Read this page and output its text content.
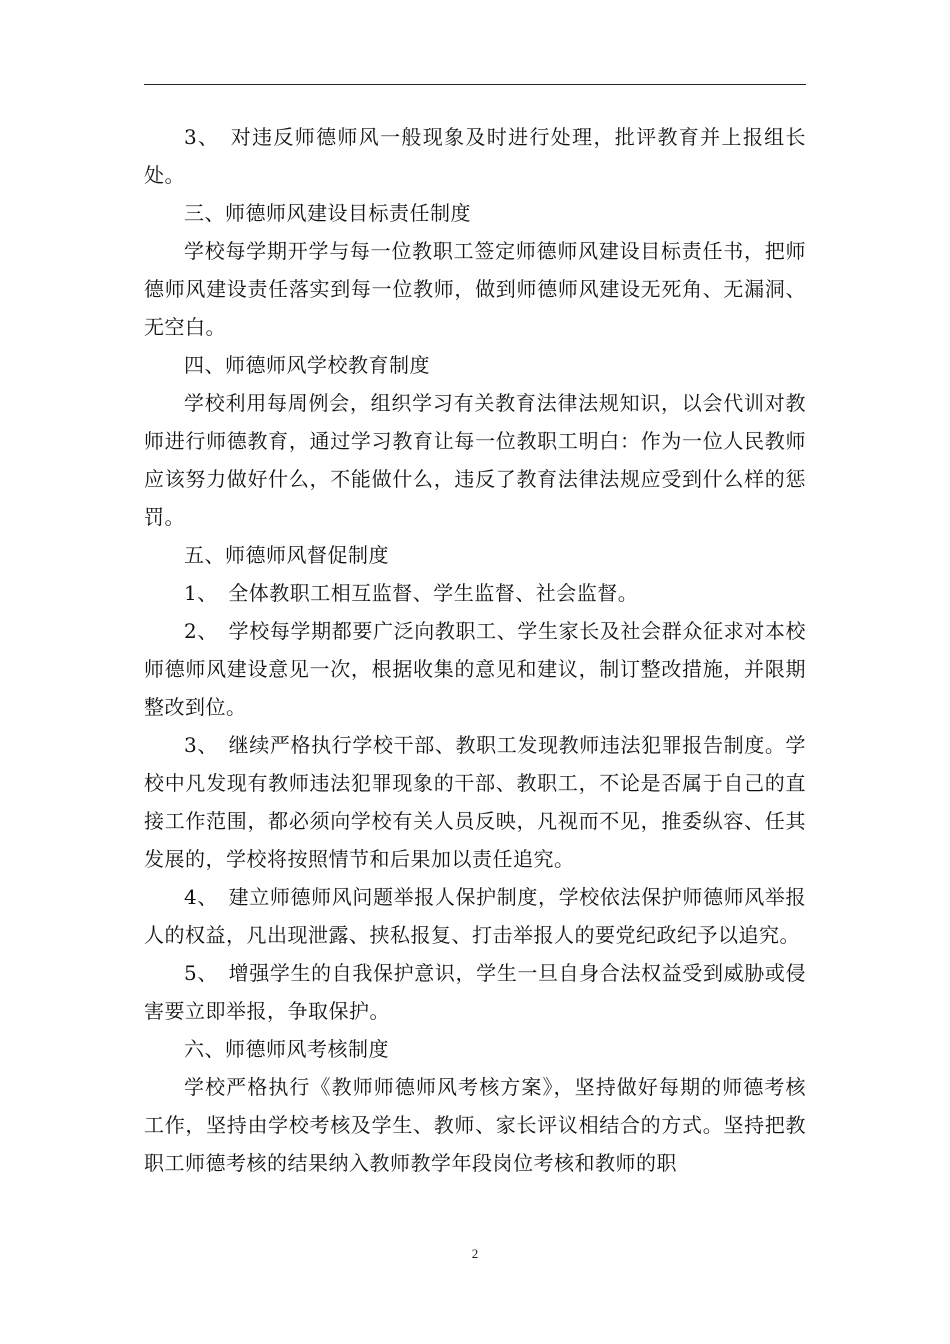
3、　对违反师德师风一般现象及时进行处理，批评教育并上报组长处。

三、师德师风建设目标责任制度

学校每学期开学与每一位教职工签定师德师风建设目标责任书，把师德师风建设责任落实到每一位教师，做到师德师风建设无死角、无漏洞、无空白。

四、师德师风学校教育制度

学校利用每周例会，组织学习有关教育法律法规知识，以会代训对教师进行师德教育，通过学习教育让每一位教职工明白：作为一位人民教师应该努力做好什么，不能做什么，违反了教育法律法规应受到什么样的惩罚。

五、师德师风督促制度

1、　全体教职工相互监督、学生监督、社会监督。

2、　学校每学期都要广泛向教职工、学生家长及社会群众征求对本校师德师风建设意见一次，根据收集的意见和建议，制订整改措施，并限期整改到位。

3、　继续严格执行学校干部、教职工发现教师违法犯罪报告制度。学校中凡发现有教师违法犯罪现象的干部、教职工，不论是否属于自己的直接工作范围，都必须向学校有关人员反映，凡视而不见，推委纵容、任其发展的，学校将按照情节和后果加以责任追究。

4、　建立师德师风问题举报人保护制度，学校依法保护师德师风举报人的权益，凡出现泄露、挟私报复、打击举报人的要党纪政纪予以追究。

5、　增强学生的自我保护意识，学生一旦自身合法权益受到威胁或侵害要立即举报，争取保护。

六、师德师风考核制度

学校严格执行《教师师德师风考核方案》，坚持做好每期的师德考核工作，坚持由学校考核及学生、教师、家长评议相结合的方式。坚持把教职工师德考核的结果纳入教师教学年段岗位考核和教师的职

2
